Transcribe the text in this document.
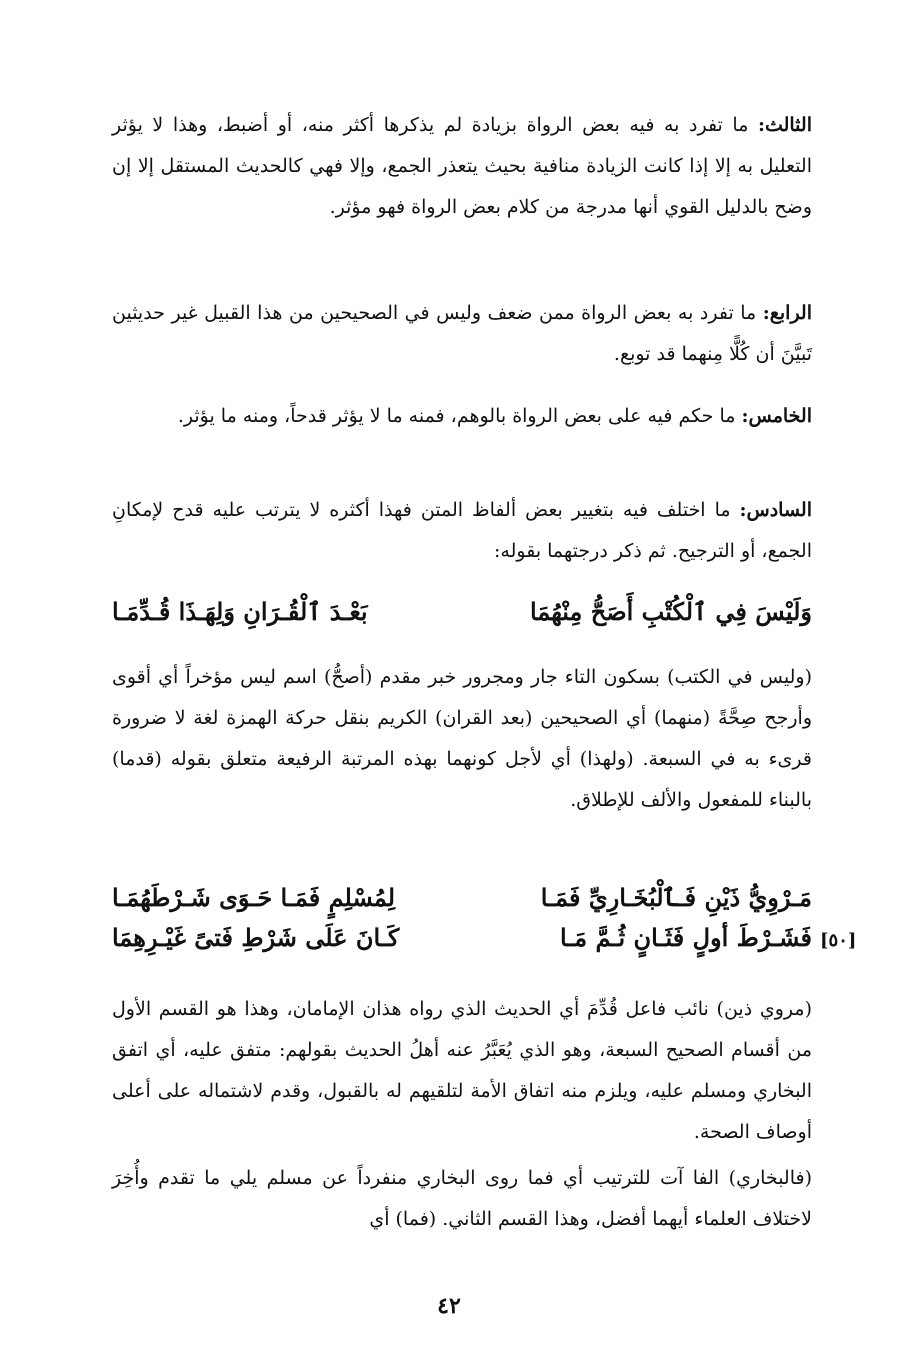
الثالث: ما تفرد به فيه بعض الرواة بزيادة لم يذكرها أكثر منه، أو أضبط، وهذا لا يؤثر التعليل به إلا إذا كانت الزيادة منافية بحيث يتعذر الجمع، وإلا فهي كالحديث المستقل إلا إن وضح بالدليل القوي أنها مدرجة من كلام بعض الرواة فهو مؤثر.
الرابع: ما تفرد به بعض الرواة ممن ضعف وليس في الصحيحين من هذا القبيل غير حديثين تَبيَّنَ أن كُلًّا مِنهما قد توبع.
الخامس: ما حكم فيه على بعض الرواة بالوهم، فمنه ما لا يؤثر قدحاً، ومنه ما يؤثر.
السادس: ما اختلف فيه بتغيير بعض ألفاظ المتن فهذا أكثره لا يترتب عليه قدح لإمكانِ الجمع، أو الترجيح. ثم ذكر درجتهما بقوله:
وَلَيْسَ فِي ٱلْكُتْبِ أَصَحُّ مِنْهُمَا
بَعْـدَ ٱلْقُـرَانِ وَلِهَـذَا قُـدِّمَـا
(وليس في الكتب) بسكون التاء جار ومجرور خبر مقدم (أصحُّ) اسم ليس مؤخراً أي أقوى وأرجح صِحَّةً (منهما) أي الصحيحين (بعد القران) الكريم بنقل حركة الهمزة لغة لا ضرورة قرىء به في السبعة. (ولهذا) أي لأجل كونهما بهذه المرتبة الرفيعة متعلق بقوله (قدما) بالبناء للمفعول والألف للإطلاق.
مَـرْوِيُّ ذَيْنِ فَـٱلْبُخَـارِيِّ فَمَـا
لِمُسْلِمٍ فَمَـا حَـوَى شَـرْطَهُمَـا
فَشَـرْطَ أولٍ فَثَـانٍ ثُـمَّ مَـا
كَـانَ عَلَى شَرْطِ فَتىً غَيْـرِهِمَا	[٥٠]
(مروي ذين) نائب فاعل قُدِّمَ أي الحديث الذي رواه هذان الإمامان، وهذا هو القسم الأول من أقسام الصحيح السبعة، وهو الذي يُعَبَّرُ عنه أهلُ الحديث بقولهم: متفق عليه، أي اتفق البخاري ومسلم عليه، ويلزم منه اتفاق الأمة لتلقيهم له بالقبول، وقدم لاشتماله على أعلى أوصاف الصحة.
(فالبخاري) الفا آت للترتيب أي فما روى البخاري منفرداً عن مسلم يلي ما تقدم وأُخِرَ لاختلاف العلماء أيهما أفضل، وهذا القسم الثاني. (فما) أي
٤٢
